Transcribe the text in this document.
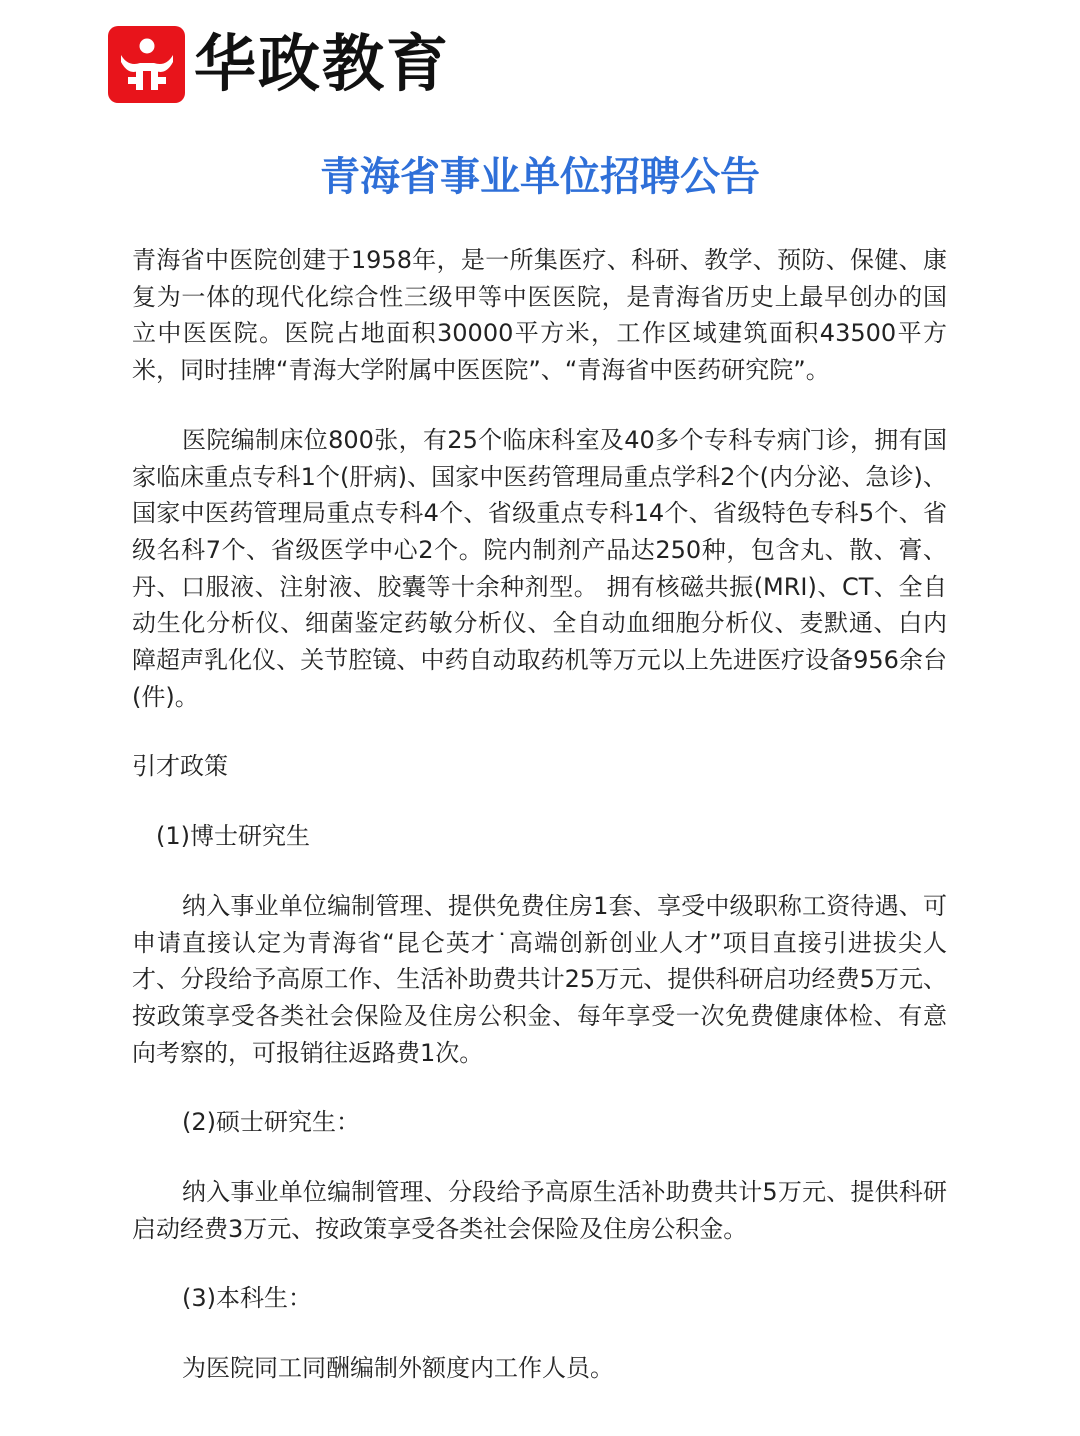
华政教育
青海省事业单位招聘公告

青海省中医院创建于1958年，是一所集医疗、科研、教学、预防、保健、康复为一体的现代化综合性三级甲等中医医院，是青海省历史上最早创办的国立中医医院。医院占地面积30000平方米，工作区域建筑面积43500平方米，同时挂牌“青海大学附属中医医院”、“青海省中医药研究院”。

医院编制床位800张，有25个临床科室及40多个专科专病门诊，拥有国家临床重点专科1个(肝病)、国家中医药管理局重点学科2个(内分泌、急诊)、国家中医药管理局重点专科4个、省级重点专科14个、省级特色专科5个、省级名科7个、省级医学中心2个。院内制剂产品达250种，包含丸、散、膏、丹、口服液、注射液、胶囊等十余种剂型。 拥有核磁共振(MRI)、CT、全自动生化分析仪、细菌鉴定药敏分析仪、全自动血细胞分析仪、麦默通、白内障超声乳化仪、关节腔镜、中药自动取药机等万元以上先进医疗设备956余台(件)。

引才政策

(1)博士研究生

纳入事业单位编制管理、提供免费住房1套、享受中级职称工资待遇、可申请直接认定为青海省“昆仑英才˙高端创新创业人才”项目直接引进拔尖人才、分段给予高原工作、生活补助费共计25万元、提供科研启功经费5万元、按政策享受各类社会保险及住房公积金、每年享受一次免费健康体检、有意向考察的，可报销往返路费1次。

(2)硕士研究生：

纳入事业单位编制管理、分段给予高原生活补助费共计5万元、提供科研启动经费3万元、按政策享受各类社会保险及住房公积金。

(3)本科生：

为医院同工同酬编制外额度内工作人员。
